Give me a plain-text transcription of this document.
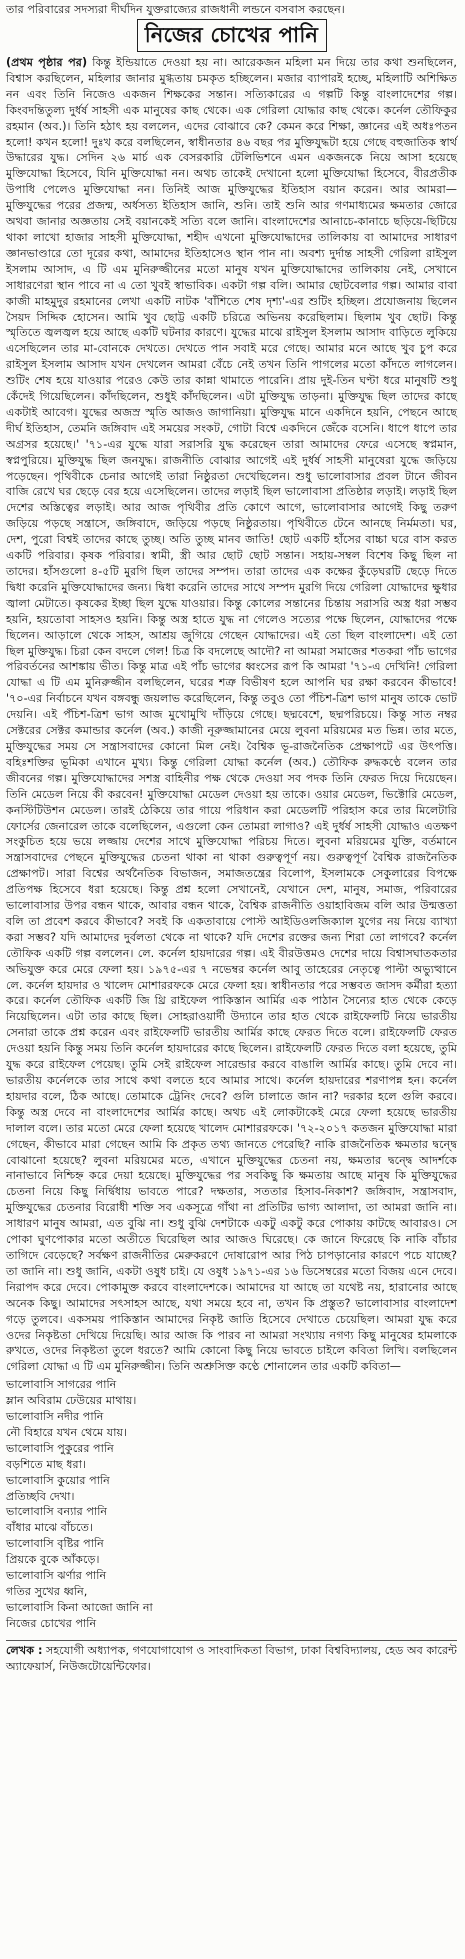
তার পরিবারের সদস্যরা দীর্ঘদিন যুক্তরাজ্যের রাজধানী লন্ডনে বসবাস করছেন।
নিজের চোখের পানি

(প্রথম পৃষ্ঠার পর) কিন্তু ইন্ডিয়াতে দেওয়া হয় না। আরেকজন মহিলা মন দিয়ে তার কথা শুনছিলেন, বিশ্বাস করছিলেন, মহিলার জানার মুগ্ধতায় চমকৃত হচ্ছিলেন। মজার ব্যাপারই হচ্ছে, মহিলাটি অশিক্ষিত নন এবং তিনি নিজেও একজন শিক্ষকের সন্তান। সত্যিকারের এ গল্পটি কিন্তু বাংলাদেশের গল্প। কিংবদন্তিতুল্য দুর্ধর্ষ সাহসী এক মানুষের কাছ থেকে। এক গেরিলা যোদ্ধার কাছ থেকে। কর্নেল তৌফিকুর রহমান (অব.)। তিনি হঠাৎ হয় বললেন, এদের বোঝাবে কে? কেমন করে শিক্ষা, জ্ঞানের এই অধঃপতন হলো! কখন হলো! দুঃখ করে বলছিলেন, স্বাধীনতার ৪৬ বছর পর মুক্তিযুদ্ধটা হয়ে গেছে বহুজাতিক স্বার্থ উদ্ধারের যুদ্ধ। সেদিন ২৬ মার্চ এক বেসরকারি টেলিভিশনে এমন একজনকে নিয়ে আসা হয়েছে মুক্তিযোদ্ধা হিসেবে, যিনি মুক্তিযোদ্ধা নন। অথচ তাকেই দেখানো হলো মুক্তিযোদ্ধা হিসেবে, বীরপ্রতীক উপাধি পেলেও মুক্তিযোদ্ধা নন। তিনিই আজ মুক্তিযুদ্ধের ইতিহাস বয়ান করেন। আর আমরা— মুক্তিযুদ্ধের পরের প্রজন্ম, অর্ধসত্য ইতিহাস জানি, শুনি। তাই শুনি আর গণমাধ্যমের ক্ষমতার জোরে অথবা জানার অজ্ঞতায় সেই বয়ানকেই সত্যি বলে জানি। বাংলাদেশের আনাচে-কানাচে ছড়িয়ে-ছিটিয়ে থাকা লাখো হাজার সাহসী মুক্তিযোদ্ধা, শহীদ এখনো মুক্তিযোদ্ধাদের তালিকায় বা আমাদের সাধারণ জ্ঞানভাণ্ডারে তো দূরের কথা, আমাদের ইতিহাসেও স্থান পান না। অবশ্য দুর্দান্ত সাহসী গেরিলা রাইসুল ইসলাম আসাদ, এ টি এম মুনিরুজ্জীনের মতো মানুষ যখন মুক্তিযোদ্ধাদের তালিকায় নেই, সেখানে সাধারণেরা স্থান পাবে না এ তো খুবই স্বাভাবিক। একটা গল্প বলি। আমার ছোটবেলার গল্প। আমার বাবা কাজী মাহমুদুর রহমানের লেখা একটি নাটক 'বাঁশিতে শেষ দৃশ্য'-এর শুটিং হচ্ছিল। প্রযোজনায় ছিলেন সৈয়দ সিদ্দিক হোসেন। আমি খুব ছোট্ট একটি চরিত্রে অভিনয় করেছিলাম। ছিলাম খুব ছোট। কিন্তু স্মৃতিতে জ্বলজ্বল হয়ে আছে একটি ঘটনার কারণে। যুদ্ধের মাঝে রাইসুল ইসলাম আসাদ বাড়িতে লুকিয়ে এসেছিলেন তার মা-বোনকে দেখতে। দেখতে পান সবাই মরে গেছে। আমার মনে আছে খুব চুপ করে রাইসুল ইসলাম আসাদ যখন দেখলেন আমরা বেঁচে নেই তখন তিনি পাগলের মতো কাঁদতে লাগলেন। শুটিং শেষ হয়ে যাওয়ার পরেও কেউ তার কান্না থামাতে পারেনি। প্রায় দুই-তিন ঘণ্টা ধরে মানুষটি শুধু কেঁদেই গিয়েছিলেন। কাঁদছিলেন, শুধুই কাঁদছিলেন। এটা মুক্তিযুদ্ধ তাড়না। মুক্তিযুদ্ধ ছিল তাদের কাছে একটাই আবেগ। যুদ্ধের অজস্র স্মৃতি আজও জাগানিয়া। মুক্তিযুদ্ধ মানে একদিনে হয়নি, পেছনে আছে দীর্ঘ ইতিহাস, তেমনি জঙ্গিবাদ এই সময়ের সংকট, গোটা বিশ্বে একদিনে জেঁকে বসেনি। ধাপে ধাপে তার অগ্রসর হয়েছে।' '৭১-এর যুদ্ধে যারা সরাসরি যুদ্ধ করেছেন তারা আমাদের ফেরে এসেছে স্বপ্নমান, স্বপ্নপুরিয়ে। মুক্তিযুদ্ধ ছিল জনযুদ্ধ। রাজনীতি বোঝার আগেই এই দুর্ধর্ষ সাহসী মানুষেরা যুদ্ধে জড়িয়ে পড়েছেন। পৃথিবীকে চেনার আগেই তারা নিষ্ঠুরতা দেখেছিলেন। শুধু ভালোবাসার প্রবল টানে জীবন বাজি রেখে ঘর ছেড়ে বের হয়ে এসেছিলেন। তাদের লড়াই ছিল ভালোবাসা প্রতিষ্ঠার লড়াই। লড়াই ছিল দেশের অস্তিত্বের লড়াই। আর আজ পৃথিবীর প্রতি কোণে আগে, ভালোবাসার আগেই কিছু তরুণ জড়িয়ে পড়ছে সন্ত্রাসে, জঙ্গিবাদে, জড়িয়ে পড়ছে নিষ্ঠুরতায়। পৃথিবীতে টেনে আনছে নির্মমতা। ঘর, দেশ, পুরো বিশ্বই তাদের কাছে তুচ্ছ। অতি তুচ্ছ মানব জাতি! ছোট একটি হাঁসের বাচ্চা ঘরে বাস করত একটি পরিবার। কৃষক পরিবার। স্বামী, স্ত্রী আর ছোট ছোট সন্তান। সহায়-সম্বল বিশেষ কিছু ছিল না তাদের। হাঁসগুলো ৪-৫টি মুরগি ছিল তাদের সম্পদ। তারা তাদের এক কক্ষের কুঁড়েঘরটি ছেড়ে দিতে দ্বিধা করেনি মুক্তিযোদ্ধাদের জন্য। দ্বিধা করেনি তাদের সাথে সম্পদ মুরগি দিয়ে গেরিলা যোদ্ধাদের ক্ষুধার জ্বালা মেটাতে। কৃষকের ইচ্ছা ছিল যুদ্ধে যাওয়ার। কিন্তু কোলের সন্তানের চিন্তায় সরাসরি অস্ত্র ধরা সম্ভব হয়নি, হয়তোবা সাহসও হয়নি। কিন্তু অস্ত্র হাতে যুদ্ধ না গেলেও সত্যের পক্ষে ছিলেন, যোদ্ধাদের পক্ষে ছিলেন। আড়ালে থেকে সাহস, আশ্রয় জুগিয়ে গেছেন যোদ্ধাদের। এই তো ছিল বাংলাদেশ। এই তো ছিল মুক্তিযুদ্ধ। চিরা কেন বদলে গেল! চিত্র কি বদলেছে আদৌ? না আমরা সমাজের শতকরা পাঁচ ভাগের পরিবর্তনের আশঙ্কায় ভীত। কিন্তু মাত্র এই পাঁচ ভাগের ধ্বংসের রূপ কি আমরা '৭১-এ দেখিনি! গেরিলা যোদ্ধা এ টি এম মুনিরুজ্জীন বলছিলেন, ঘরের শত্রু বিভীষণ হলে আপনি ঘর রক্ষা করবেন কীভাবে! '৭০-এর নির্বাচনে যখন বঙ্গবন্ধু জয়লাভ করেছিলেন, কিন্তু তবুও তো পঁচিশ-ত্রিশ ভাগ মানুষ তাকে ভোট দেয়নি। এই পঁচিশ-ত্রিশ ভাগ আজ মুখোমুখি দাঁড়িয়ে গেছে। ছদ্মবেশে, ছদ্মপরিচয়ে। কিন্তু সাত নম্বর সেক্টরের সেক্টর কমান্ডার কর্নেল (অব.) কাজী নূরুজ্জামানের মেয়ে লুবনা মরিয়মের মত ভিন্ন। তার মতে, মুক্তিযুদ্ধের সময় সে সন্ত্রাসবাদের কোনো মিল নেই। বৈশ্বিক ভূ-রাজনৈতিক প্রেক্ষাপটে এর উৎপত্তি। বহিঃশক্তির ভূমিকা এখানে মুখ্য। কিন্তু গেরিলা যোদ্ধা কর্নেল (অব.) তৌফিক রুদ্ধকণ্ঠে বলেন তার জীবনের গল্প। মুক্তিযোদ্ধাদের সশস্ত্র বাহিনীর পক্ষ থেকে দেওয়া সব পদক তিনি ফেরত দিয়ে দিয়েছেন। তিনি মেডেল নিয়ে কী করবেন! মুক্তিযোদ্ধা মেডেল দেওয়া হয় তাকে। ওয়ার মেডেল, ভিক্টোরি মেডেল, কনস্টিটিউশন মেডেল। তারই ঠেকিয়ে তার গায়ে পরিধান করা মেডেলটি পরিহাস করে তার মিলেটারি ফোর্সের জেনারেল তাকে বলেছিলেন, এগুলো কেন তোমরা লাগাও? এই দুর্ধর্ষ সাহসী যোদ্ধাও এতক্ষণ সংকুচিত হয়ে ভয়ে লজ্জায় দেশের সাথে মুক্তিযোদ্ধা পরিচয় দিতে। লুবনা মরিয়মের যুক্তি, বর্তমানে সন্ত্রাসবাদের পেছনে মুক্তিযুদ্ধের চেতনা থাকা না থাকা গুরুত্বপূর্ণ নয়। গুরুত্বপূর্ণ বৈশ্বিক রাজনৈতিক প্রেক্ষাপট। সারা বিশ্বের অর্থনৈতিক বিভাজন, সমাজতন্ত্রের বিলোপ, ইসলামকে সেকুলারের বিপক্ষে প্রতিপক্ষ হিসেবে ধরা হয়েছে। কিন্তু প্রশ্ন হলো সেখানেই, যেখানে দেশ, মানুষ, সমাজ, পরিবারের ভালোবাসার উপর বন্ধন থাকে, আবার বন্ধন থাকে, বৈশ্বিক রাজনীতি ওয়াহাবিজম বলি আর উন্মত্ততা বলি তা প্রবেশ করবে কীভাবে? সবই কি একতাবায়ে পোস্ট আইডিওলজিক্যাল যুগের নয় নিয়ে ব্যাখ্যা করা সম্ভব? যদি আমাদের দুর্বলতা থেকে না থাকে? যদি দেশের রক্তের জন্য শিরা তো লাগবে? কর্নেল তৌফিক একটি গল্প বললেন। লে. কর্নেল হায়দারের গল্প। এই বীরউত্তমও দেশের দায়ে বিশ্বাসঘাতকতার অভিযুক্ত করে মেরে ফেলা হয়। ১৯৭৫-এর ৭ নভেম্বর কর্নেল আবু তাহেরের নেতৃত্বে পাল্টা অভ্যুত্থানে লে. কর্নেল হায়দার ও খালেদ মোশাররফকে মেরে ফেলা হয়। স্বাধীনতার পরে সম্ভবত জাসদ কর্মীরা হত্যা করে। কর্নেল তৌফিক একটি জি থ্রি রাইফেল পাকিস্তান আর্মির এক পাঠান সৈন্যের হাত থেকে কেড়ে নিয়েছিলেন। এটা তার কাছে ছিল। সোহরাওয়ার্দী উদ্যানে তার হাত থেকে রাইফেলটি নিয়ে ভারতীয় সেনারা তাকে প্রশ্ন করেন এবং রাইফেলটি ভারতীয় আর্মির কাছে ফেরত দিতে বলে। রাইফেলটি ফেরত দেওয়া হয়নি কিন্তু সময় তিনি কর্নেল হায়দারের কাছে ছিলেন। রাইফেলটি ফেরত দিতে বলা হয়েছে, তুমি যুদ্ধ করে রাইফেল পেয়েছ। তুমি সেই রাইফেল সারেন্ডার করবে বাঙালি আর্মির কাছে। তুমি দেবে না। ভারতীয় কর্নেলকে তার সাথে কথা বলতে হবে আমার সাথে। কর্নেল হায়দারের শরণাপন্ন হন। কর্নেল হায়দার বলে, ঠিক আছে। তোমাকে ট্রেনিং দেবে? গুলি চালাতে জান না? দরকার হলে গুলি করবে। কিন্তু অস্ত্র দেবে না বাংলাদেশের আর্মির কাছে। অথচ এই লোকটাকেই মেরে ফেলা হয়েছে ভারতীয় দালাল বলে। তার মতো মেরে ফেলা হয়েছে খালেদ মোশাররফকে। '৭২-২০১৭ কতজন মুক্তিযোদ্ধা মারা গেছেন, কীভাবে মারা গেছেন আমি কি প্রকৃত তথ্য জানতে পেরেছি? নাকি রাজনৈতিক ক্ষমতার দ্বন্দ্বে বোঝানো হয়েছে? লুবনা মরিয়মের মতে, এখানে মুক্তিযুদ্ধের চেতনা নয়, ক্ষমতার দ্বন্দ্বে আদর্শকে নানাভাবে নিশ্চিহ্ন করে দেয়া হয়েছে। মুক্তিযুদ্ধের পর সবকিছু কি ক্ষমতায় আছে মানুষ কি মুক্তিযুদ্ধের চেতনা নিয়ে কিছু নির্দ্বিধায় ভাবতে পারে? দক্ষতার, সততার হিসাব-নিকাশ? জঙ্গিবাদ, সন্ত্রাসবাদ, মুক্তিযুদ্ধের চেতনার বিরোধী শক্তি সব একসূত্রে গাঁথা না প্রতিটির ভাগ্য আলাদা, তা আমরা জানি না। সাধারণ মানুষ আমরা, এত বুঝি না। শুধু বুঝি দেশটাকে একটু একটু করে পোকায় কাটছে আবারও। সে পোকা ঘুণপোকার মতো অতীতে ঘিরেছিল আর আজও ঘিরেছে। কে জানে ফিরেছে কি নাকি বাঁচার তাগিদে বেড়েছে? সর্বক্ষণ রাজনীতির মেরুকরণে দোষারোপ আর পিঠ চাপড়ানোর কারণে পচে যাচ্ছে? তা জানি না। শুধু জানি, একটা ওষুধ চাই। যে ওষুধ ১৯৭১-এর ১৬ ডিসেম্বরের মতো বিজয় এনে দেবে। নিরাপদ করে দেবে। পোকামুক্ত করবে বাংলাদেশকে। আমাদের যা আছে তা যথেষ্ট নয়, হারানোর আছে অনেক কিছু। আমাদের সৎসাহস আছে, যথা সময়ে হবে না, তখন কি প্রস্তুত? ভালোবাসার বাংলাদেশ গড়ে তুলবে। একসময় পাকিস্তান আমাদের নিকৃষ্ট জাতি হিসেবে দেখাতে চেয়েছিল। আমরা যুদ্ধ করে ওদের নিকৃষ্টতা দেখিয়ে দিয়েছি। আর আজ কি পারব না আমরা সংখ্যায় নগণ্য কিছু মানুষের হামলাকে রুখতে, ওদের নিকৃষ্টতা তুলে ধরতে? আমি কোনো কিছু নিয়ে ভাবতে চাইলে কবিতা লিখি। বলছিলেন গেরিলা যোদ্ধা এ টি এম মুনিরুজ্জীন। তিনি অশ্রুসিক্ত কণ্ঠে শোনালেন তার একটি কবিতা—

ভালোবাসি সাগরের পানি
ম্লান অবিরাম ঢেউয়ের মাথায়।
ভালোবাসি নদীর পানি
নৌ বিহারে যখন থেমে যায়।
ভালোবাসি পুকুরের পানি
বড়শিতে মাছ ধরা।
ভালোবাসি কুয়োর পানি
প্রতিচ্ছবি দেখা।
ভালোবাসি বন্যার পানি
বাঁধার মাঝে বাঁচতে।
ভালোবাসি বৃষ্টির পানি
প্রিয়কে বুকে আঁকড়ে।
ভালোবাসি ঝর্ণার পানি
গতির সুখের ধ্বনি,
ভালোবাসি কিনা আজো জানি না
নিজের চোখের পানি
লেখক : সহযোগী অধ্যাপক, গণযোগাযোগ ও সাংবাদিকতা বিভাগ, ঢাকা বিশ্ববিদ্যালয়, হেড অব কারেন্ট অ্যাফেয়ার্স, নিউজটোয়েন্টিফোর।
